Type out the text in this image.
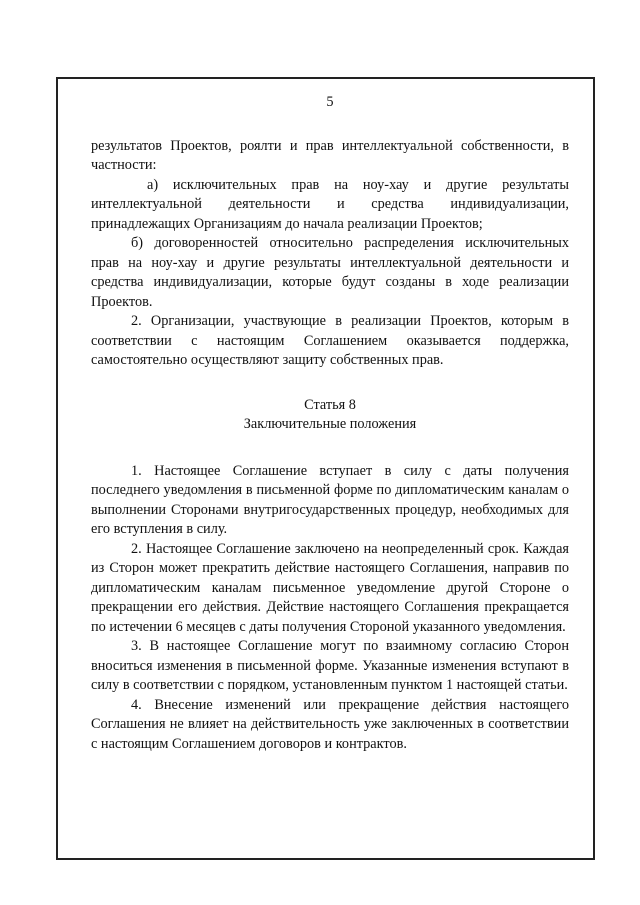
5

результатов Проектов, роялти и прав интеллектуальной собственности, в частности:

а) исключительных прав на ноу-хау и другие результаты интеллектуальной деятельности и средства индивидуализации, принадлежащих Организациям до начала реализации Проектов;

б) договоренностей относительно распределения исключительных прав на ноу-хау и другие результаты интеллектуальной деятельности и средства индивидуализации, которые будут созданы в ходе реализации Проектов.

2. Организации, участвующие в реализации Проектов, которым в соответствии с настоящим Соглашением оказывается поддержка, самостоятельно осуществляют защиту собственных прав.

Статья 8
Заключительные положения

1. Настоящее Соглашение вступает в силу с даты получения последнего уведомления в письменной форме по дипломатическим каналам о выполнении Сторонами внутригосударственных процедур, необходимых для его вступления в силу.

2. Настоящее Соглашение заключено на неопределенный срок. Каждая из Сторон может прекратить действие настоящего Соглашения, направив по дипломатическим каналам письменное уведомление другой Стороне о прекращении его действия. Действие настоящего Соглашения прекращается по истечении 6 месяцев с даты получения Стороной указанного уведомления.

3. В настоящее Соглашение могут по взаимному согласию Сторон вноситься изменения в письменной форме. Указанные изменения вступают в силу в соответствии с порядком, установленным пунктом 1 настоящей статьи.

4. Внесение изменений или прекращение действия настоящего Соглашения не влияет на действительность уже заключенных в соответствии с настоящим Соглашением договоров и контрактов.
